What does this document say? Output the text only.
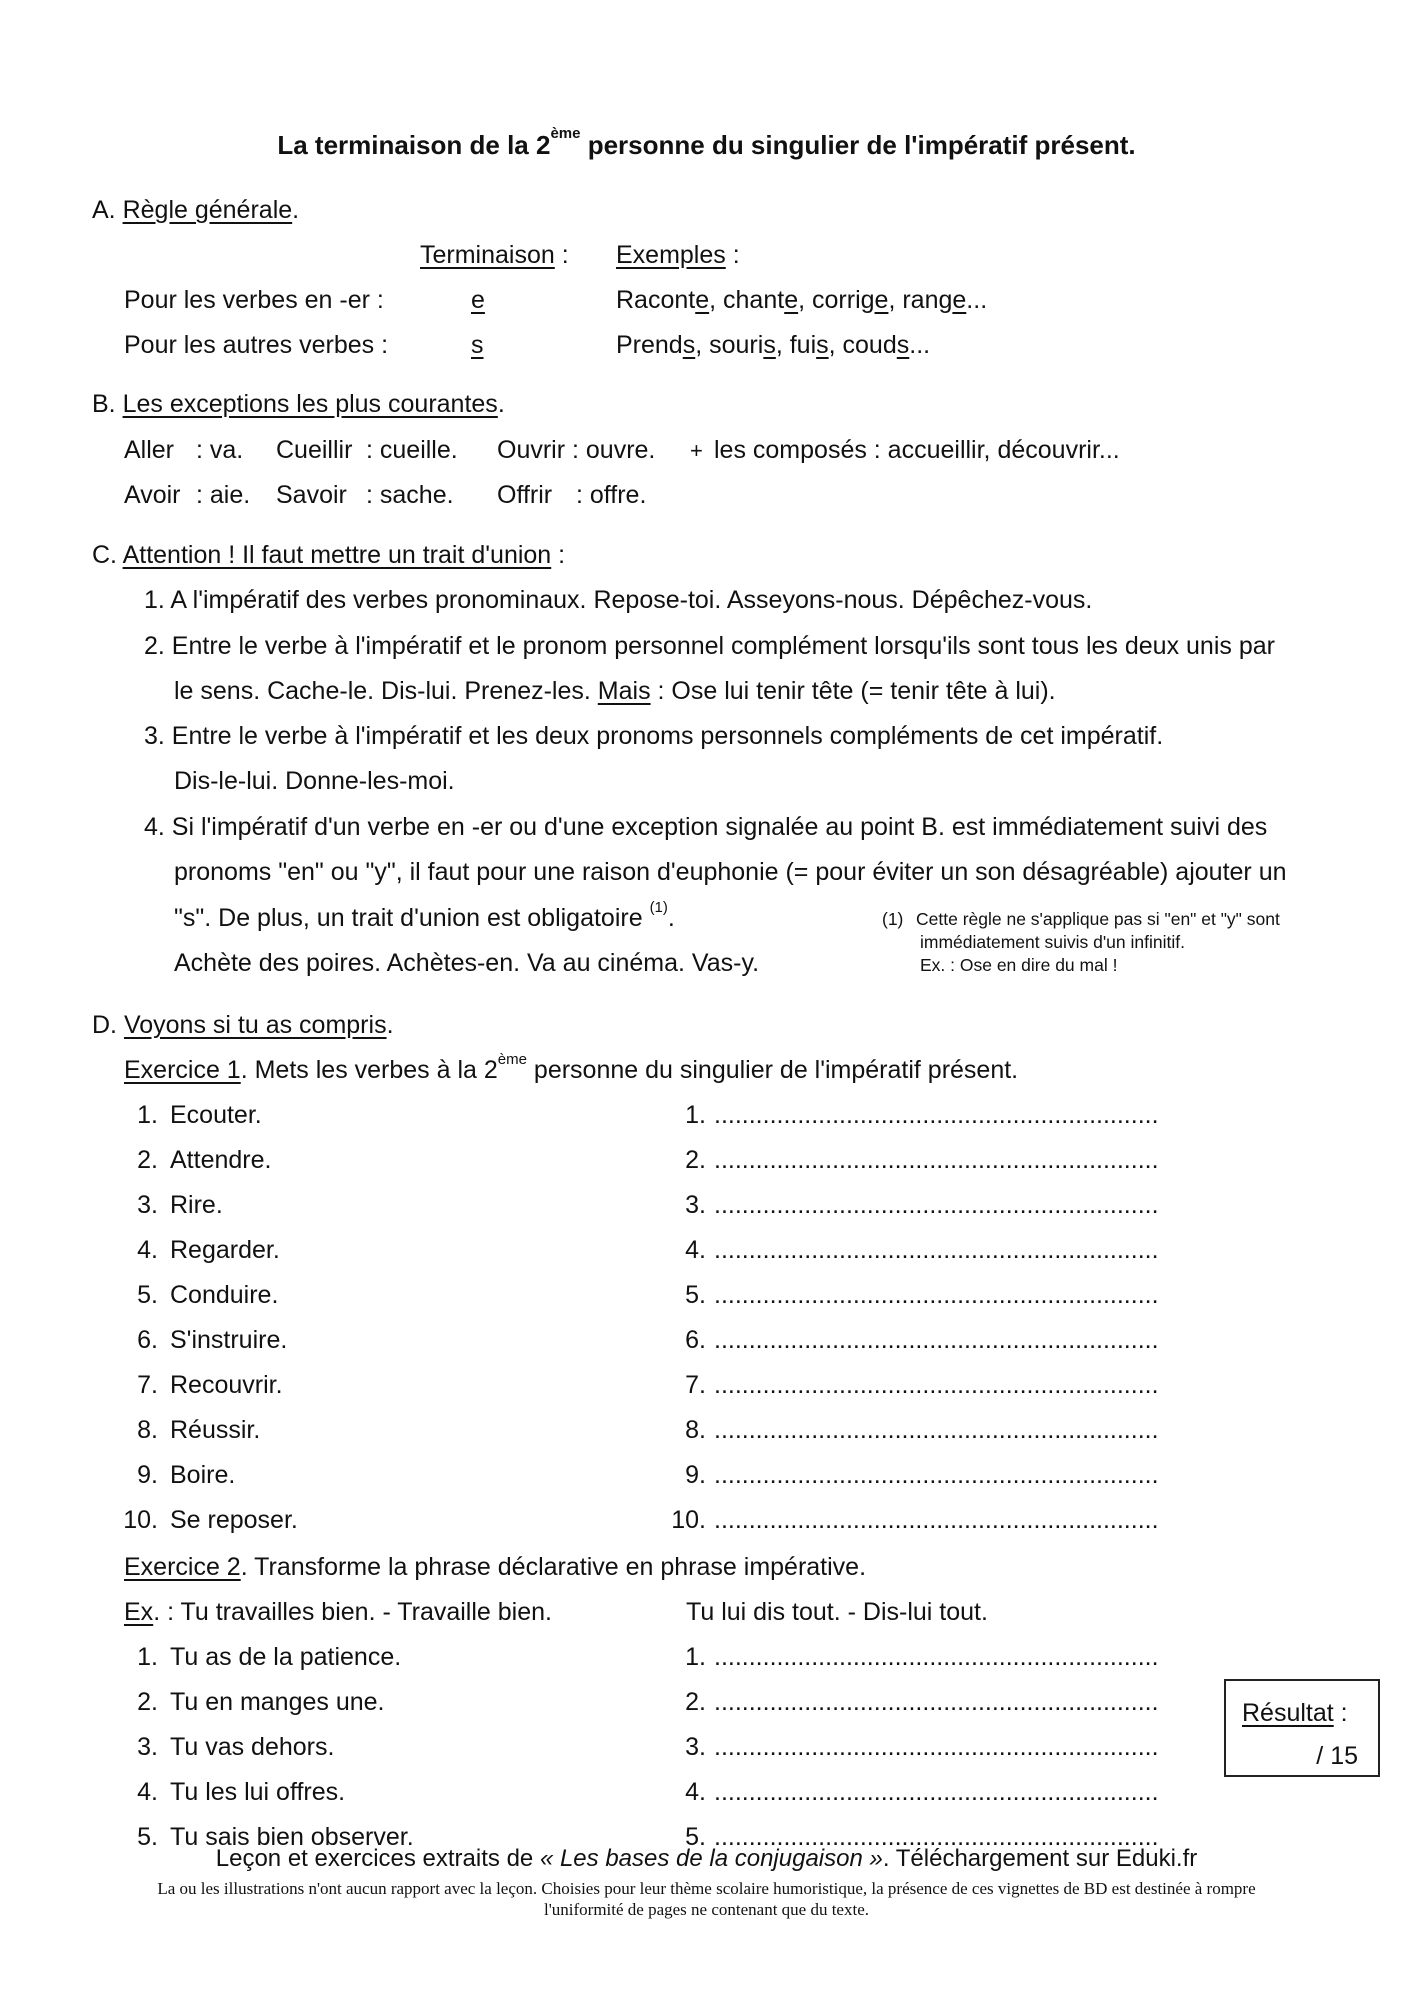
La terminaison de la 2ème personne du singulier de l'impératif présent.
A. Règle générale.
Terminaison : Exemples :
Pour les verbes en -er :	e	Raconte, chante, corrige, range...
Pour les autres verbes :	s	Prends, souris, fuis, couds...
B. Les exceptions les plus courantes.
Aller : va. Cueillir : cueille. Ouvrir : ouvre. + les composés : accueillir, découvrir...
Avoir : aie. Savoir : sache. Offrir : offre.
C. Attention ! Il faut mettre un trait d'union :
1. A l'impératif des verbes pronominaux. Repose-toi. Asseyons-nous. Dépêchez-vous.
2. Entre le verbe à l'impératif et le pronom personnel complément lorsqu'ils sont tous les deux unis par
le sens. Cache-le. Dis-lui. Prenez-les. Mais : Ose lui tenir tête (= tenir tête à lui).
3. Entre le verbe à l'impératif et les deux pronoms personnels compléments de cet impératif.
Dis-le-lui. Donne-les-moi.
4. Si l'impératif d'un verbe en -er ou d'une exception signalée au point B. est immédiatement suivi des
pronoms "en" ou "y", il faut pour une raison d'euphonie (= pour éviter un son désagréable) ajouter un
"s". De plus, un trait d'union est obligatoire $^{(1)}$.
Achète des poires. Achètes-en. Va au cinéma. Vas-y.
(1) Cette règle ne s'applique pas si "en" et "y" sont
immédiatement suivis d'un infinitif.
Ex. : Ose en dire du mal !
D. Voyons si tu as compris.
Exercice 1. Mets les verbes à la 2ème personne du singulier de l'impératif présent.
1. Ecouter.	1. ................................................................
2. Attendre.	2. ................................................................
3. Rire.	3. ................................................................
4. Regarder.	4. ................................................................
5. Conduire.	5. ................................................................
6. S'instruire.	6. ................................................................
7. Recouvrir.	7. ................................................................
8. Réussir.	8. ................................................................
9. Boire.	9. ................................................................
10. Se reposer.	10. ................................................................
Exercice 2. Transforme la phrase déclarative en phrase impérative.
Ex. : Tu travailles bien. - Travaille bien.	Tu lui dis tout. - Dis-lui tout.
1. Tu as de la patience.	1. ................................................................
2. Tu en manges une.	2. ................................................................
3. Tu vas dehors.	3. ................................................................
4. Tu les lui offres.	4. ................................................................
5. Tu sais bien observer.	5. ................................................................
Résultat :
/ 15
Leçon et exercices extraits de « Les bases de la conjugaison ». Téléchargement sur Eduki.fr
La ou les illustrations n'ont aucun rapport avec la leçon. Choisies pour leur thème scolaire humoristique, la présence de ces vignettes de BD est destinée à rompre
l'uniformité de pages ne contenant que du texte.
